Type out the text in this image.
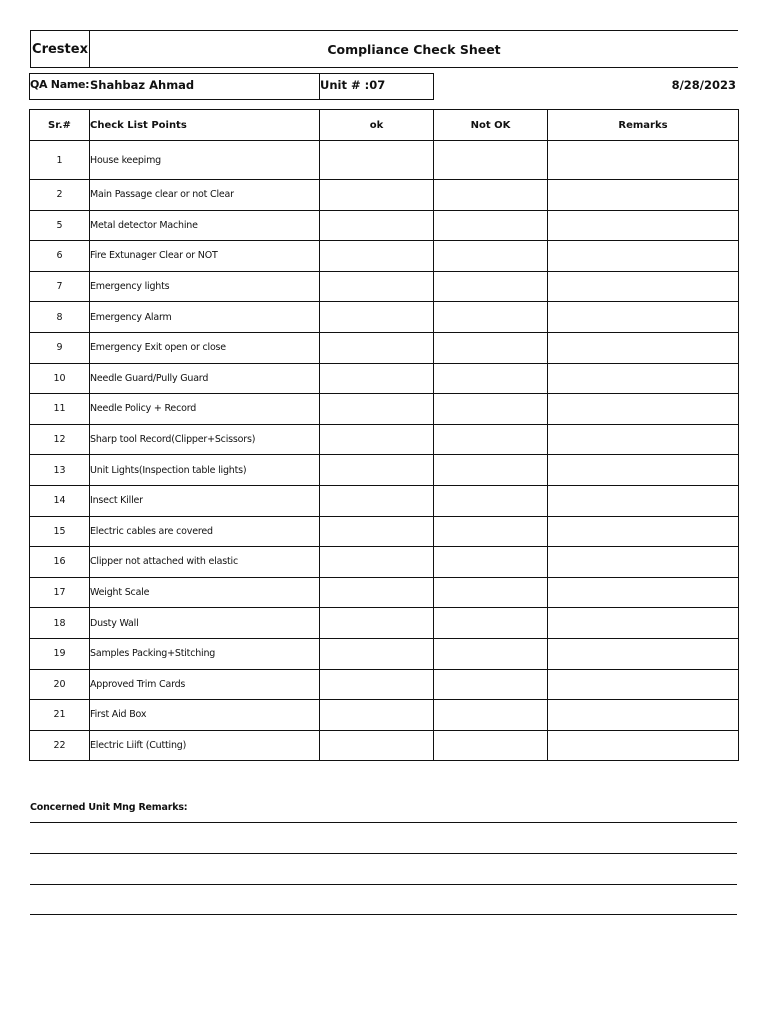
Crestex	Compliance Check Sheet
QA Name: Shahbaz Ahmad	Unit # :07	8/28/2023
Sr.#	Check List Points	ok	Not OK	Remarks
1	House keepimg			
2	Main Passage clear or not Clear			
5	Metal detector Machine			
6	Fire Extunager Clear or NOT			
7	Emergency lights			
8	Emergency Alarm			
9	Emergency Exit open or close			
10	Needle Guard/Pully Guard			
11	Needle Policy + Record			
12	Sharp tool Record(Clipper+Scissors)			
13	Unit Lights(Inspection table lights)			
14	Insect Killer			
15	Electric cables are covered			
16	Clipper not attached with elastic			
17	Weight Scale			
18	Dusty Wall			
19	Samples Packing+Stitching			
20	Approved Trim Cards			
21	First Aid Box			
22	Electric Liift (Cutting)			
Concerned Unit Mng Remarks:
